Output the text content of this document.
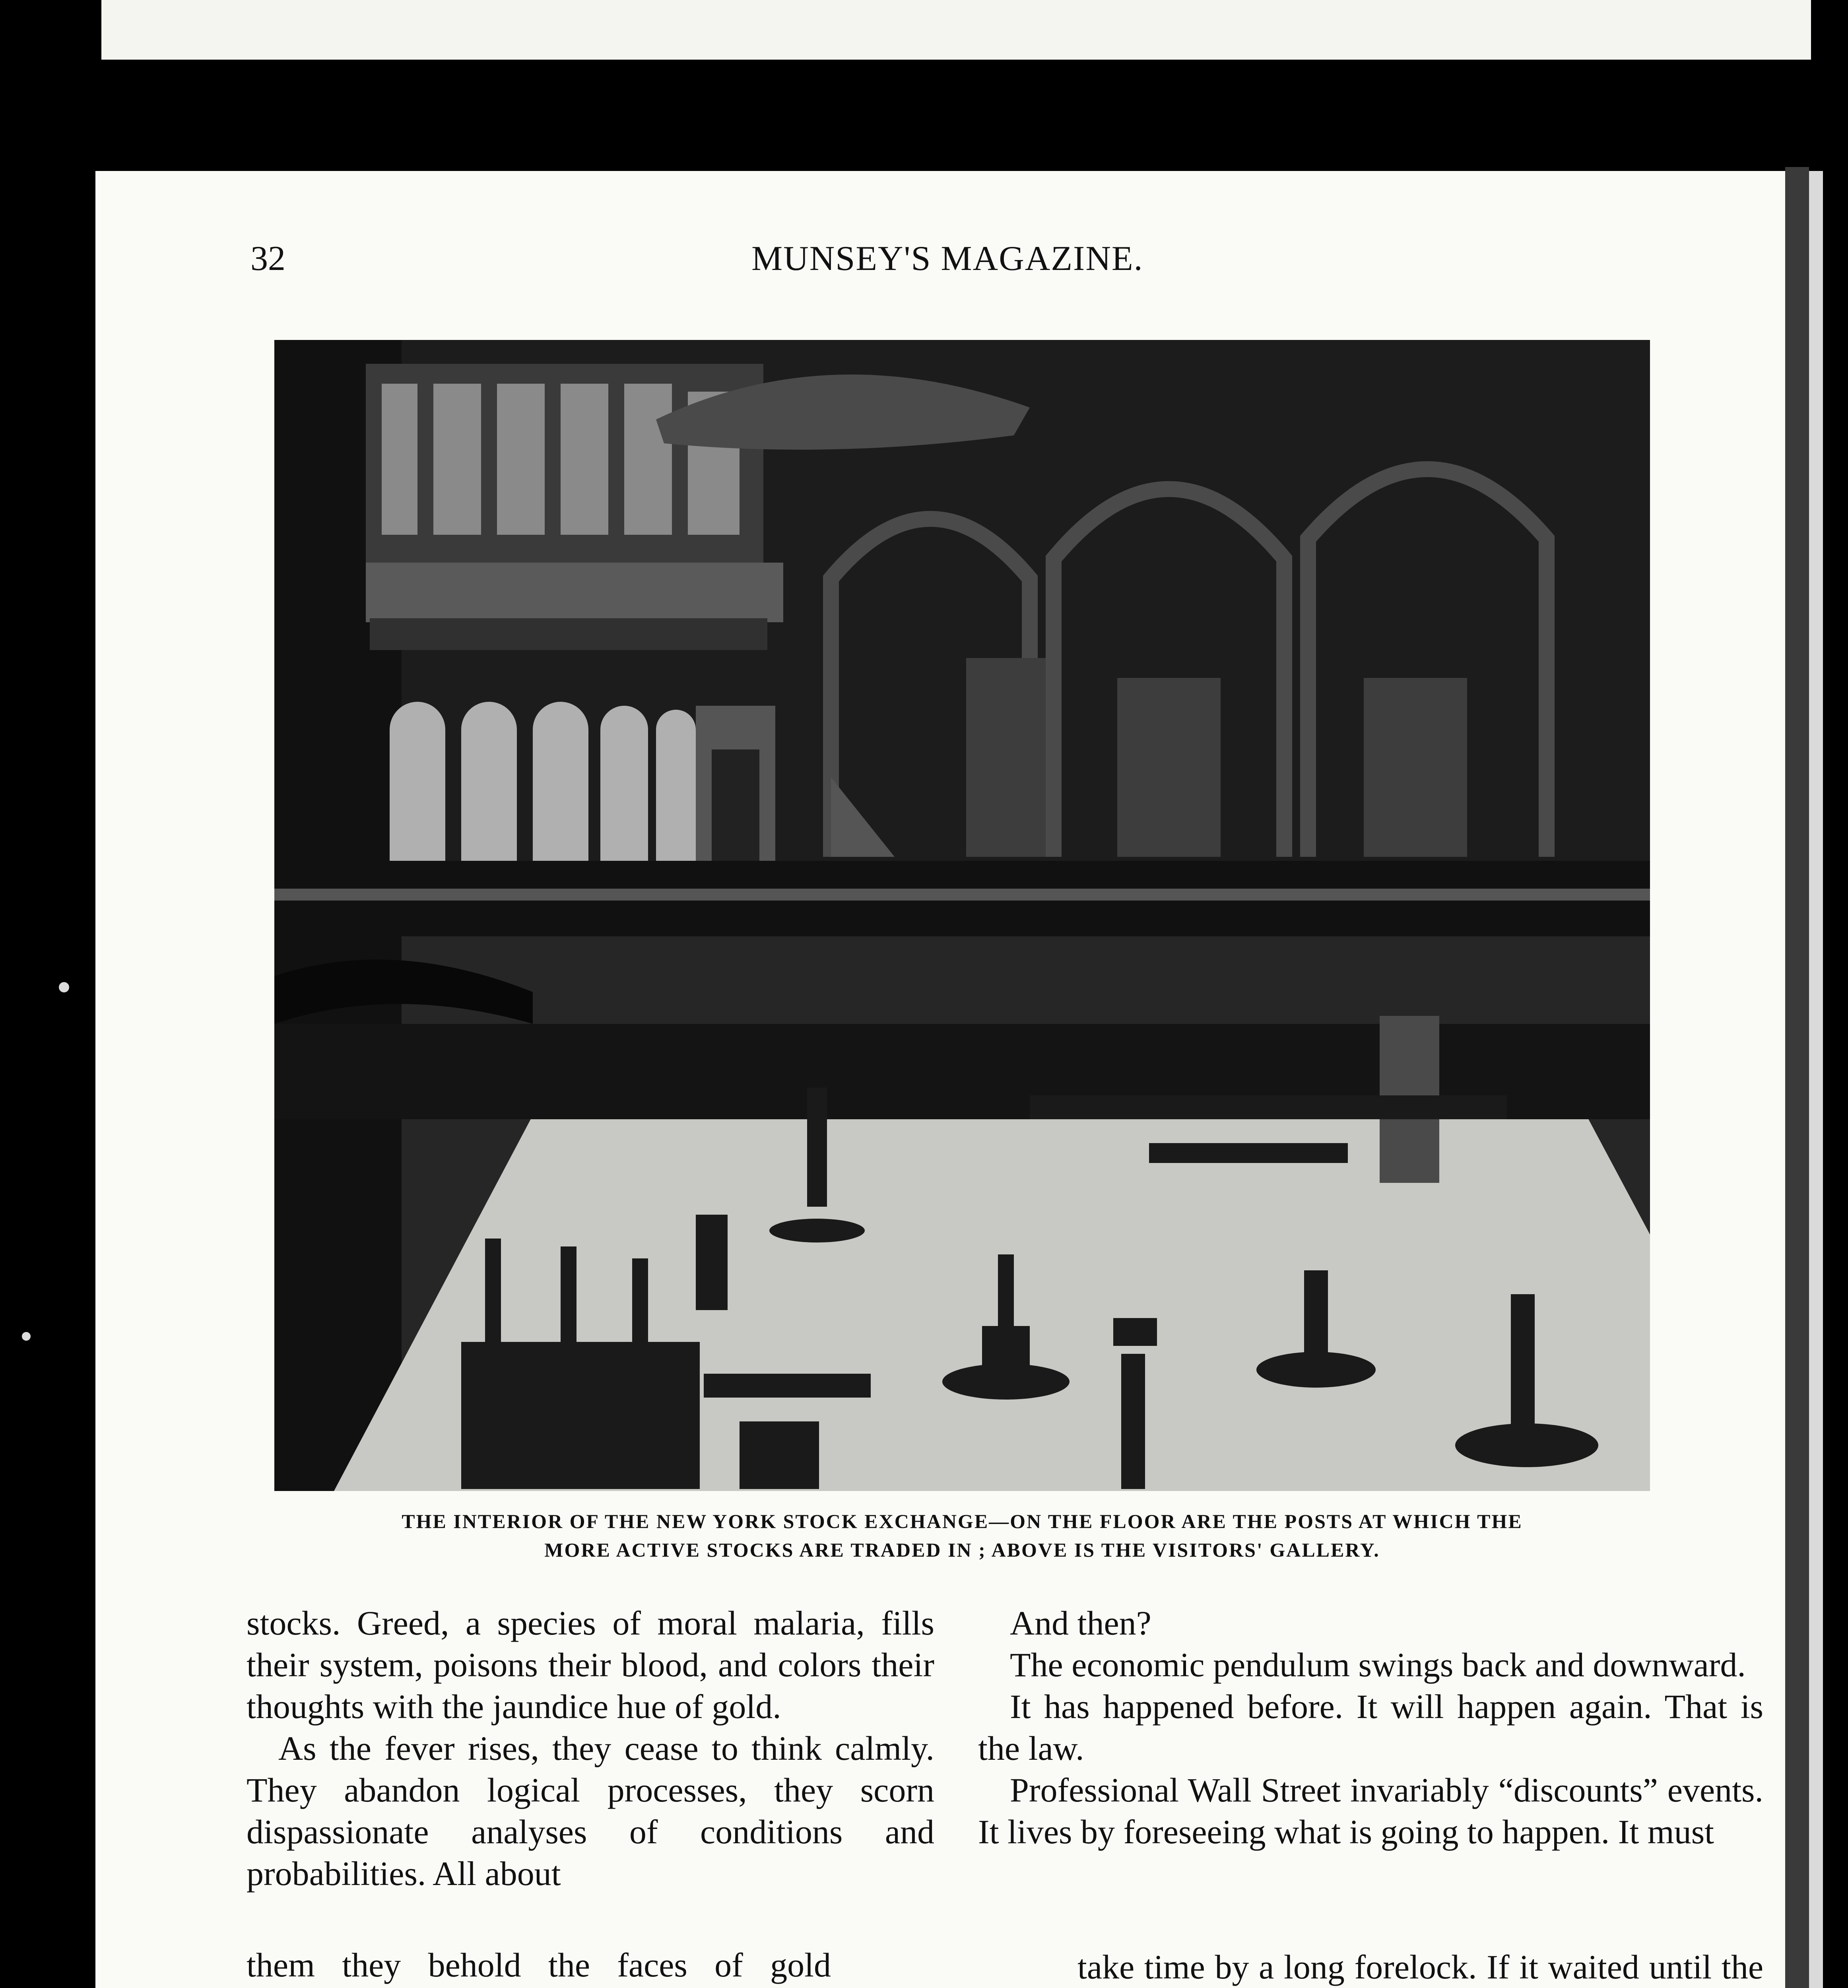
32	MUNSEY'S MAGAZINE.
THE INTERIOR OF THE NEW YORK STOCK EXCHANGE—ON THE FLOOR ARE THE POSTS AT WHICH THE
MORE ACTIVE STOCKS ARE TRADED IN ; ABOVE IS THE VISITORS' GALLERY.

stocks. Greed, a species of moral malaria, fills their system, poisons their blood, and colors their thoughts with the jaundice hue of gold.

As the fever rises, they cease to think calmly. They abandon logical processes, they scorn dispassionate analyses of conditions and probabilities. All about

them they behold the faces of gold

And then?

The economic pendulum swings back and downward.

It has happened before. It will happen again. That is the law.

Professional Wall Street invariably “discounts” events. It lives by foreseeing what is going to happen. It must

take time by a long forelock. If it waited until the
